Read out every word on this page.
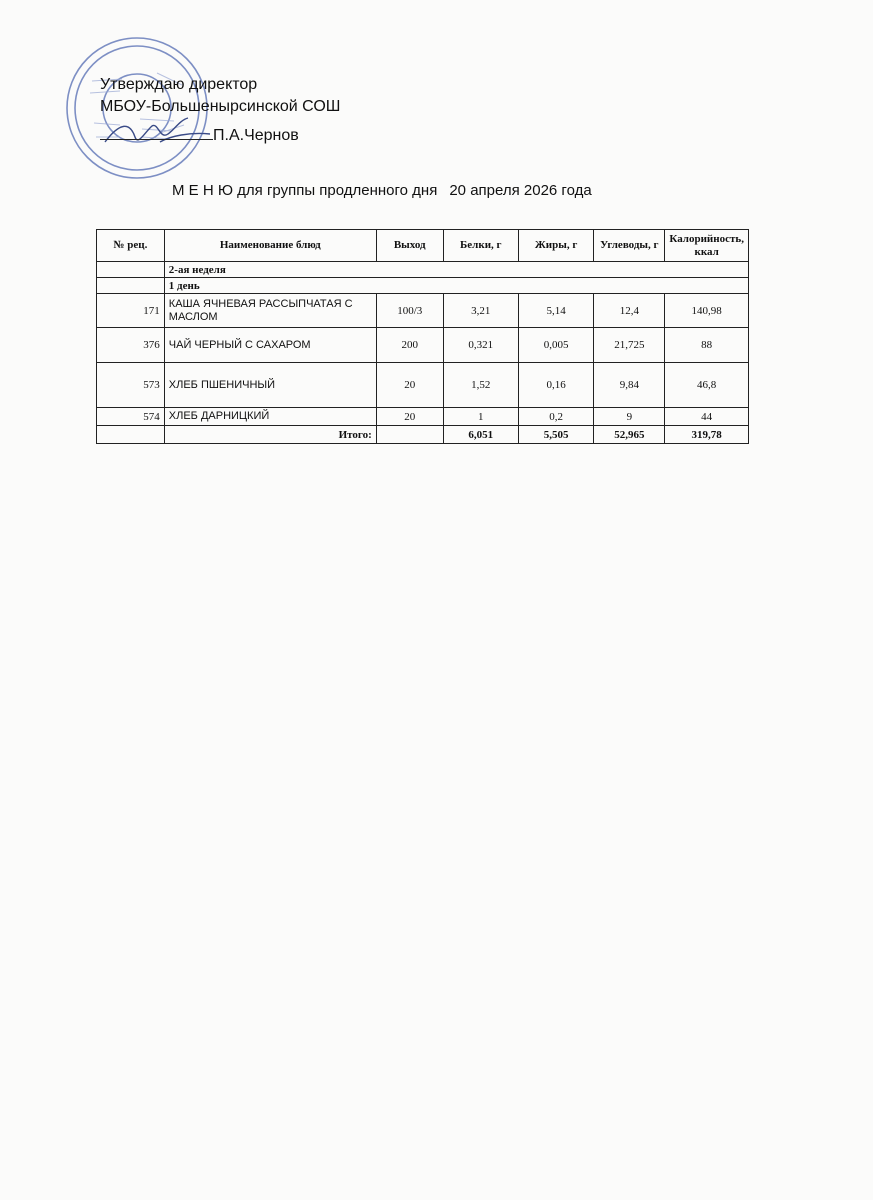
Утверждаю директор
МБОУ-Большеныpсинской СОШ
П.А.Чернов
М Е Н Ю для группы продленного дня 20 апреля 2026 года
№ рец.	Наименование блюд	Выход	Белки, г	Жиры, г	Углеводы, г	Калорийность, ккал
	2-ая неделя					
	1 день					
171	КАША ЯЧНЕВАЯ РАССЫПЧАТАЯ С МАСЛОМ	100/3	3,21	5,14	12,4	140,98
376	ЧАЙ ЧЕРНЫЙ С САХАРОМ	200	0,321	0,005	21,725	88
573	ХЛЕБ ПШЕНИЧНЫЙ	20	1,52	0,16	9,84	46,8
574	ХЛЕБ ДАРНИЦКИЙ	20	1	0,2	9	44
	Итого:		6,051	5,505	52,965	319,78
